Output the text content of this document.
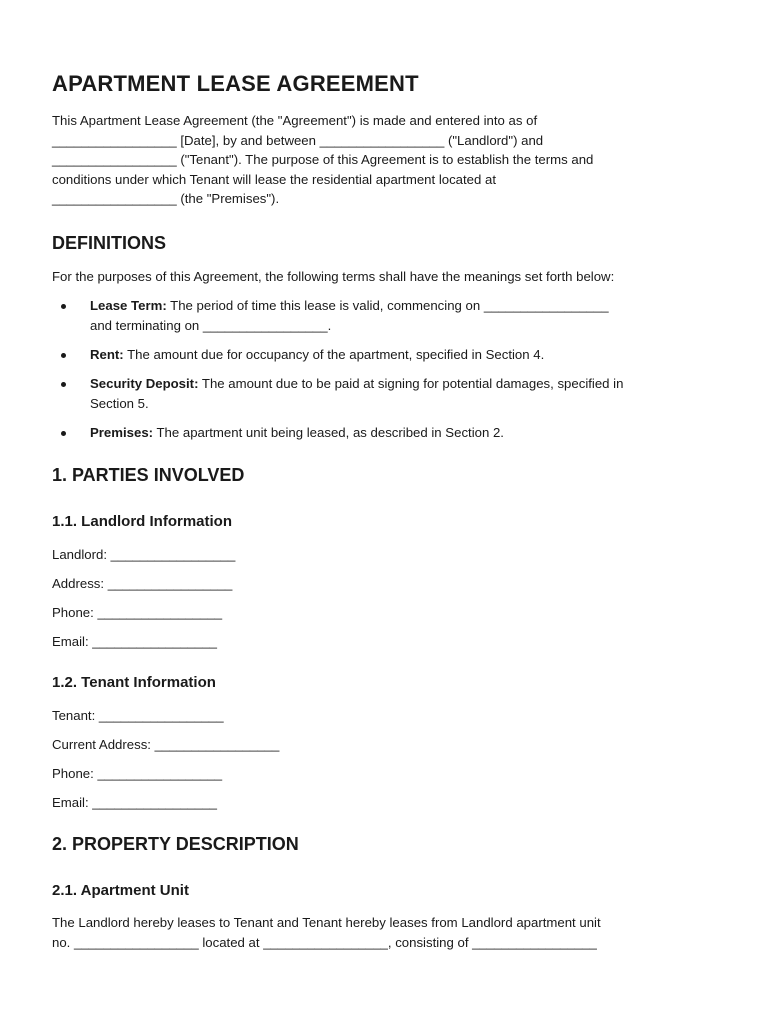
APARTMENT LEASE AGREEMENT
This Apartment Lease Agreement (the "Agreement") is made and entered into as of
_________________ [Date], by and between _________________ ("Landlord") and
_________________ ("Tenant"). The purpose of this Agreement is to establish the terms and
conditions under which Tenant will lease the residential apartment located at
_________________ (the "Premises").
DEFINITIONS

For the purposes of this Agreement, the following terms shall have the meanings set forth below:

Lease Term: The period of time this lease is valid, commencing on _________________
and terminating on _________________.
Rent: The amount due for occupancy of the apartment, specified in Section 4.
Security Deposit: The amount due to be paid at signing for potential damages, specified in
Section 5.
Premises: The apartment unit being leased, as described in Section 2.
1. PARTIES INVOLVED
1.1. Landlord Information
Landlord: _________________
Address: _________________
Phone: _________________
Email: _________________
1.2. Tenant Information
Tenant: _________________
Current Address: _________________
Phone: _________________
Email: _________________
2. PROPERTY DESCRIPTION
2.1. Apartment Unit
The Landlord hereby leases to Tenant and Tenant hereby leases from Landlord apartment unit
no. _________________ located at _________________, consisting of _________________
